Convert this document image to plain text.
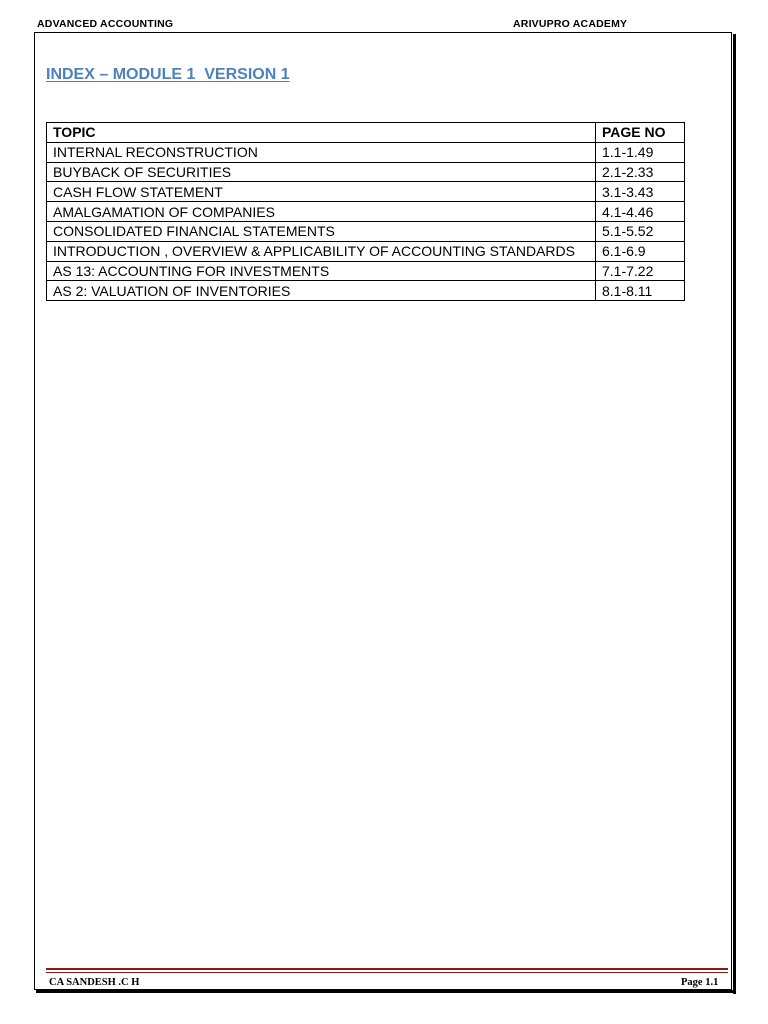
ADVANCED ACCOUNTING	ARIVUPRO ACADEMY
INDEX – MODULE 1  VERSION 1
TOPIC	PAGE NO
INTERNAL RECONSTRUCTION	1.1-1.49
BUYBACK OF SECURITIES	2.1-2.33
CASH FLOW STATEMENT	3.1-3.43
AMALGAMATION OF COMPANIES	4.1-4.46
CONSOLIDATED FINANCIAL STATEMENTS	5.1-5.52
INTRODUCTION , OVERVIEW & APPLICABILITY OF ACCOUNTING STANDARDS	6.1-6.9
AS 13: ACCOUNTING FOR INVESTMENTS	7.1-7.22
AS 2: VALUATION OF INVENTORIES	8.1-8.11
CA SANDESH .C H	Page 1.1
